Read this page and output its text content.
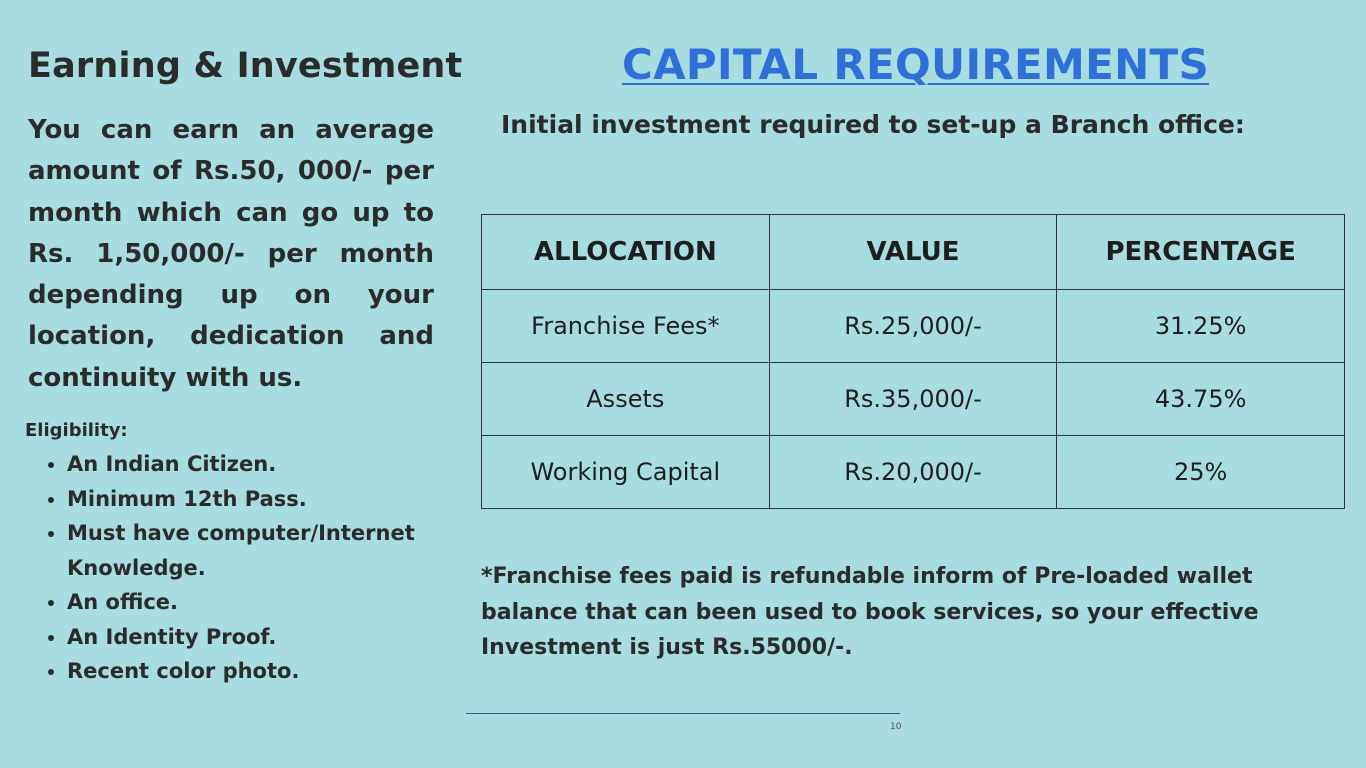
Earning & Investment

You can earn an average amount of Rs.50, 000/- per month which can go up to Rs. 1,50,000/- per month depending up on your location, dedication and continuity with us.

Eligibility:

• An Indian Citizen.
• Minimum 12th Pass.
• Must have computer/Internet Knowledge.
• An office.
• An Identity Proof.
• Recent color photo.
CAPITAL REQUIREMENTS

Initial investment required to set-up a Branch office:

ALLOCATION	VALUE	PERCENTAGE
Franchise Fees*	Rs.25,000/-	31.25%
Assets	Rs.35,000/-	43.75%
Working Capital	Rs.20,000/-	25%

*Franchise fees paid is refundable inform of Pre-loaded wallet balance that can been used to book services, so your effective Investment is just Rs.55000/-.

10
